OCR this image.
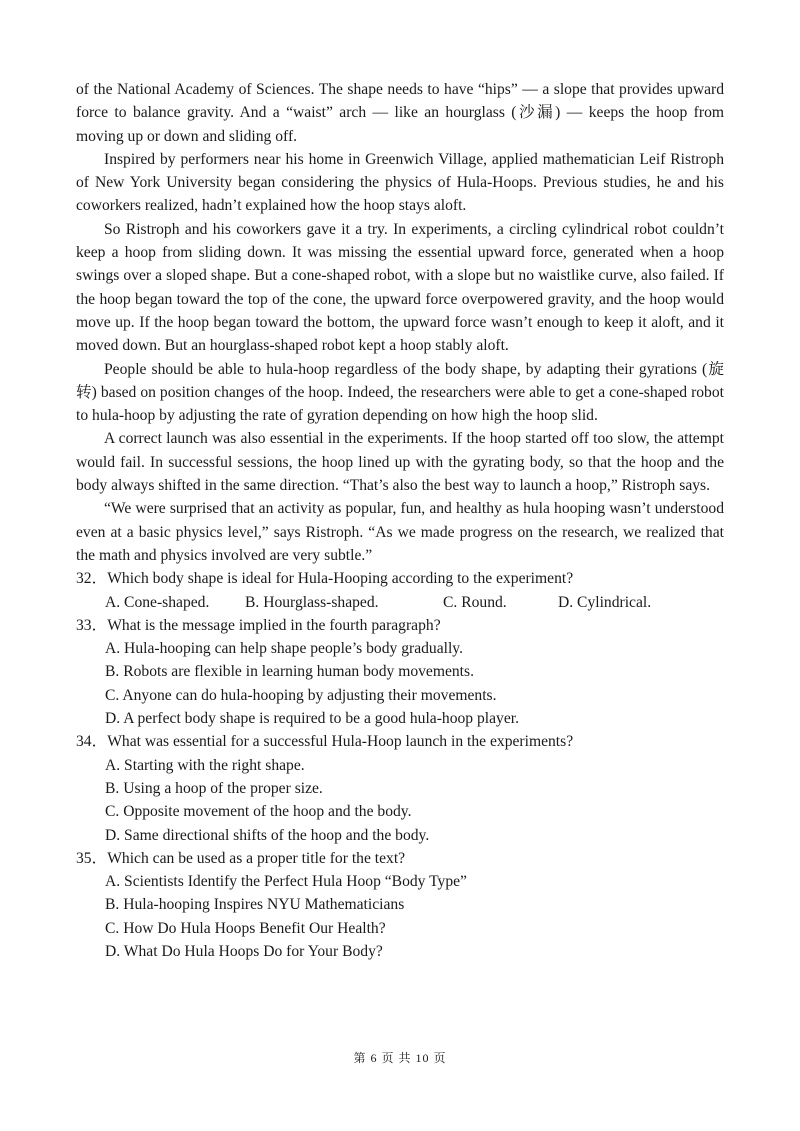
of the National Academy of Sciences. The shape needs to have “hips” — a slope that provides upward force to balance gravity. And a “waist” arch — like an hourglass (沙漏) — keeps the hoop from moving up or down and sliding off.

Inspired by performers near his home in Greenwich Village, applied mathematician Leif Ristroph of New York University began considering the physics of Hula-Hoops. Previous studies, he and his coworkers realized, hadn’t explained how the hoop stays aloft.

So Ristroph and his coworkers gave it a try. In experiments, a circling cylindrical robot couldn’t keep a hoop from sliding down. It was missing the essential upward force, generated when a hoop swings over a sloped shape. But a cone-shaped robot, with a slope but no waistlike curve, also failed. If the hoop began toward the top of the cone, the upward force overpowered gravity, and the hoop would move up. If the hoop began toward the bottom, the upward force wasn’t enough to keep it aloft, and it moved down. But an hourglass-shaped robot kept a hoop stably aloft.

People should be able to hula-hoop regardless of the body shape, by adapting their gyrations (旋转) based on position changes of the hoop. Indeed, the researchers were able to get a cone-shaped robot to hula-hoop by adjusting the rate of gyration depending on how high the hoop slid.

A correct launch was also essential in the experiments. If the hoop started off too slow, the attempt would fail. In successful sessions, the hoop lined up with the gyrating body, so that the hoop and the body always shifted in the same direction. “That’s also the best way to launch a hoop,” Ristroph says.

“We were surprised that an activity as popular, fun, and healthy as hula hooping wasn’t understood even at a basic physics level,” says Ristroph. “As we made progress on the research, we realized that the math and physics involved are very subtle.”

32．Which body shape is ideal for Hula-Hooping according to the experiment?

A. Cone-shaped.	B. Hourglass-shaped.	C. Round.	D. Cylindrical.

33．What is the message implied in the fourth paragraph?

A. Hula-hooping can help shape people’s body gradually.

B. Robots are flexible in learning human body movements.

C. Anyone can do hula-hooping by adjusting their movements.

D. A perfect body shape is required to be a good hula-hoop player.

34．What was essential for a successful Hula-Hoop launch in the experiments?

A. Starting with the right shape.

B. Using a hoop of the proper size.

C. Opposite movement of the hoop and the body.

D. Same directional shifts of the hoop and the body.

35．Which can be used as a proper title for the text?

A. Scientists Identify the Perfect Hula Hoop “Body Type”

B. Hula-hooping Inspires NYU Mathematicians

C. How Do Hula Hoops Benefit Our Health?

D. What Do Hula Hoops Do for Your Body?

第 6 页 共 10 页
